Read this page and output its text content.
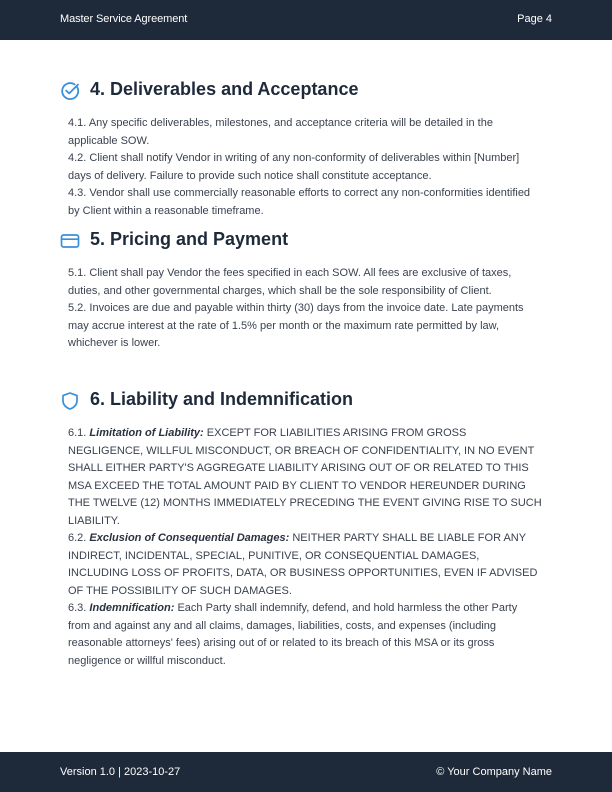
Master Service Agreement	Page 4
4. Deliverables and Acceptance

4.1. Any specific deliverables, milestones, and acceptance criteria will be detailed in the applicable SOW.

4.2. Client shall notify Vendor in writing of any non-conformity of deliverables within [Number] days of delivery. Failure to provide such notice shall constitute acceptance.

4.3. Vendor shall use commercially reasonable efforts to correct any non-conformities identified by Client within a reasonable timeframe.

5. Pricing and Payment

5.1. Client shall pay Vendor the fees specified in each SOW. All fees are exclusive of taxes, duties, and other governmental charges, which shall be the sole responsibility of Client.

5.2. Invoices are due and payable within thirty (30) days from the invoice date. Late payments may accrue interest at the rate of 1.5% per month or the maximum rate permitted by law, whichever is lower.

6. Liability and Indemnification

6.1. Limitation of Liability: EXCEPT FOR LIABILITIES ARISING FROM GROSS NEGLIGENCE, WILLFUL MISCONDUCT, OR BREACH OF CONFIDENTIALITY, IN NO EVENT SHALL EITHER PARTY'S AGGREGATE LIABILITY ARISING OUT OF OR RELATED TO THIS MSA EXCEED THE TOTAL AMOUNT PAID BY CLIENT TO VENDOR HEREUNDER DURING THE TWELVE (12) MONTHS IMMEDIATELY PRECEDING THE EVENT GIVING RISE TO SUCH LIABILITY.

6.2. Exclusion of Consequential Damages: NEITHER PARTY SHALL BE LIABLE FOR ANY INDIRECT, INCIDENTAL, SPECIAL, PUNITIVE, OR CONSEQUENTIAL DAMAGES, INCLUDING LOSS OF PROFITS, DATA, OR BUSINESS OPPORTUNITIES, EVEN IF ADVISED OF THE POSSIBILITY OF SUCH DAMAGES.

6.3. Indemnification: Each Party shall indemnify, defend, and hold harmless the other Party from and against any and all claims, damages, liabilities, costs, and expenses (including reasonable attorneys' fees) arising out of or related to its breach of this MSA or its gross negligence or willful misconduct.

Version 1.0 | 2023-10-27	© Your Company Name
